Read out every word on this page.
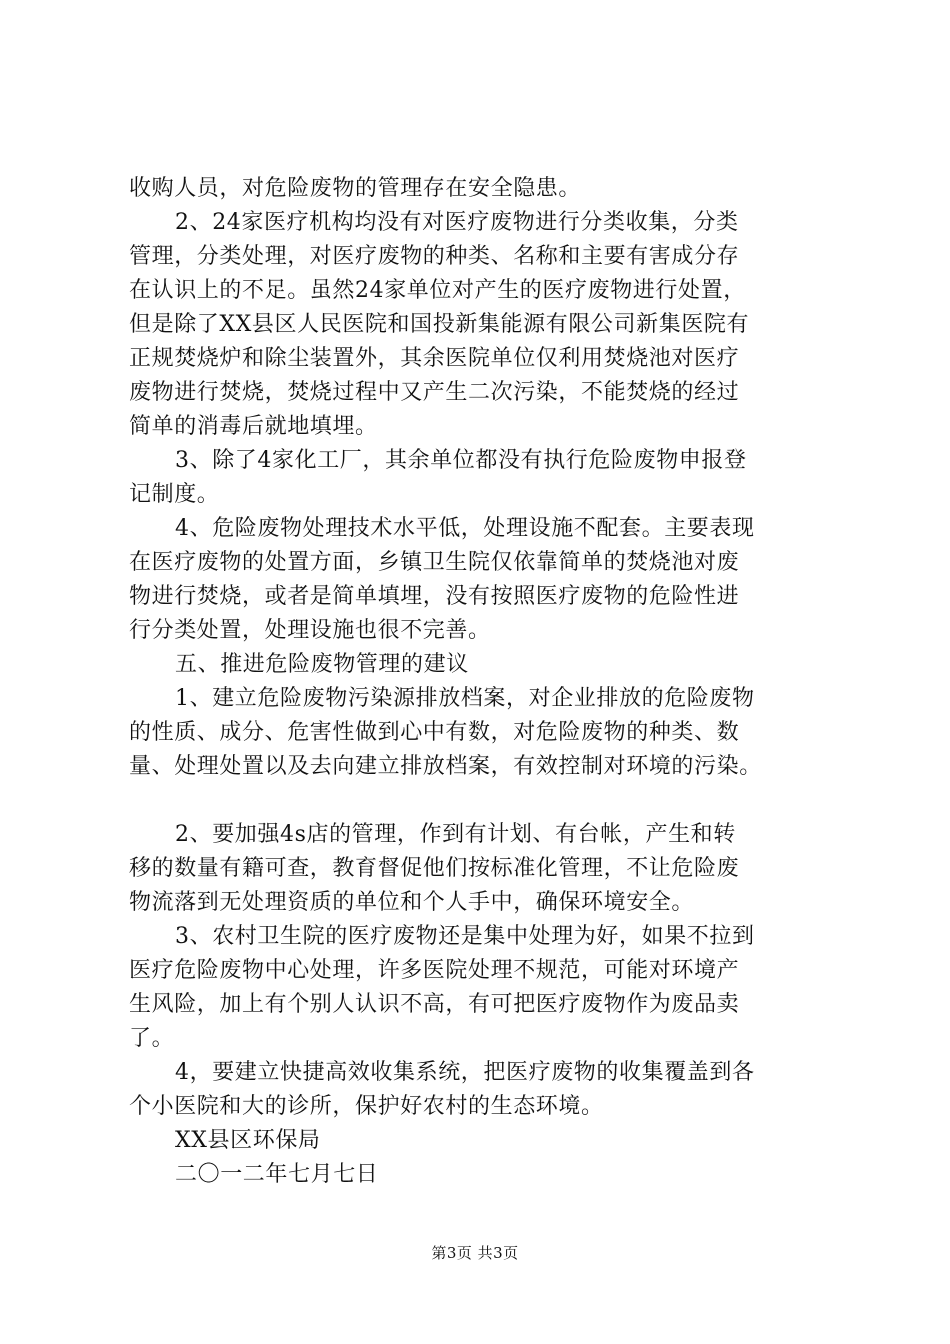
收购人员，对危险废物的管理存在安全隐患。
2、24家医疗机构均没有对医疗废物进行分类收集，分类
管理，分类处理，对医疗废物的种类、名称和主要有害成分存
在认识上的不足。虽然24家单位对产生的医疗废物进行处置，
但是除了XX县区人民医院和国投新集能源有限公司新集医院有
正规焚烧炉和除尘装置外，其余医院单位仅利用焚烧池对医疗
废物进行焚烧，焚烧过程中又产生二次污染，不能焚烧的经过
简单的消毒后就地填埋。
3、除了4家化工厂，其余单位都没有执行危险废物申报登
记制度。
4、危险废物处理技术水平低，处理设施不配套。主要表现
在医疗废物的处置方面，乡镇卫生院仅依靠简单的焚烧池对废
物进行焚烧，或者是简单填埋，没有按照医疗废物的危险性进
行分类处置，处理设施也很不完善。
五、推进危险废物管理的建议
1、建立危险废物污染源排放档案，对企业排放的危险废物
的性质、成分、危害性做到心中有数，对危险废物的种类、数
量、处理处置以及去向建立排放档案，有效控制对环境的污染。
2、要加强4s店的管理，作到有计划、有台帐，产生和转
移的数量有籍可查，教育督促他们按标准化管理，不让危险废
物流落到无处理资质的单位和个人手中，确保环境安全。
3、农村卫生院的医疗废物还是集中处理为好，如果不拉到
医疗危险废物中心处理，许多医院处理不规范，可能对环境产
生风险，加上有个别人认识不高，有可把医疗废物作为废品卖
了。
4，要建立快捷高效收集系统，把医疗废物的收集覆盖到各
个小医院和大的诊所，保护好农村的生态环境。
XX县区环保局
二〇一二年七月七日
第3页 共3页
